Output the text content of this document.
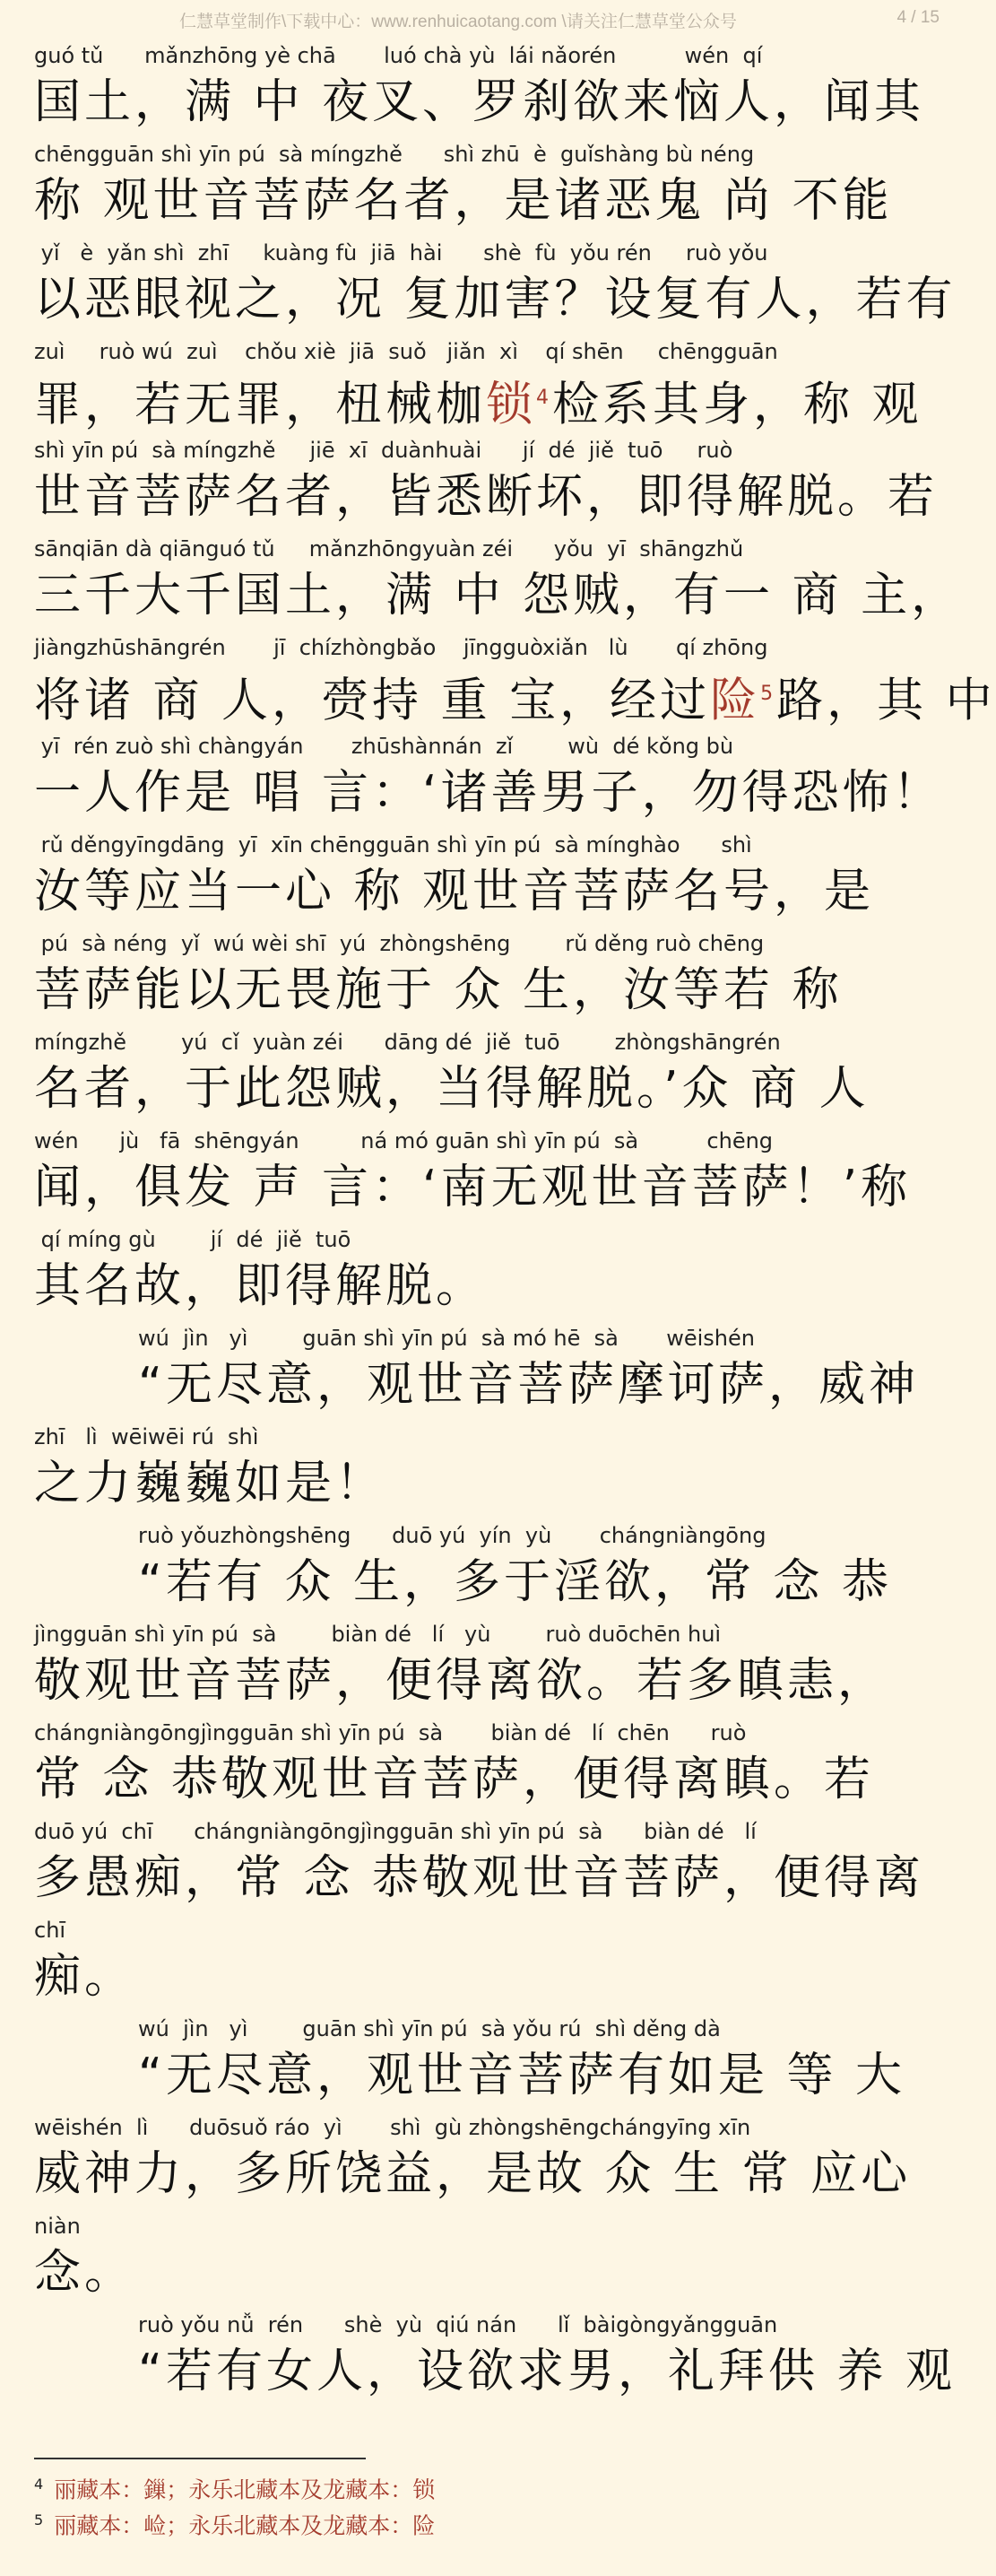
仁慧草堂制作\下载中心：www.renhuicaotang.com \请关注仁慧草堂公众号	4 / 15
guó tǔ      mǎnzhōng yè chā       luó chà yù  lái nǎorén          wén  qí
国土，满 中 夜叉、罗刹欲来恼人，闻其
chēngguān shì yīn pú  sà míngzhě      shì zhū  è  guǐshàng bù néng
称 观世音菩萨名者，是诸恶鬼 尚 不能
yǐ   è  yǎn shì  zhī     kuàng fù  jiā  hài      shè  fù  yǒu rén     ruò yǒu
以恶眼视之，况 复加害？设复有人，若有
zuì     ruò wú  zuì    chǒu xiè  jiā  suǒ   jiǎn  xì    qí shēn     chēngguān
罪，若无罪，杻械枷锁$^4$检系其身，称 观
shì yīn pú  sà míngzhě     jiē  xī  duànhuài      jí  dé  jiě  tuō     ruò
世音菩萨名者，皆悉断坏，即得解脱。若
sānqiān dà qiānguó tǔ     mǎnzhōngyuàn zéi      yǒu  yī  shāngzhǔ
三千大千国土，满 中 怨贼，有一 商 主，
jiàngzhūshāngrén       jī  chízhòngbǎo    jīngguòxiǎn   lù       qí zhōng
将诸 商 人，赍持 重 宝，经过险$^5$路，其 中
yī  rén zuò shì chàngyán       zhūshànnán  zǐ        wù  dé kǒng bù
一人作是 唱 言：‘诸善男子，勿得恐怖！
rǔ děngyīngdāng  yī  xīn chēngguān shì yīn pú  sà mínghào      shì
汝等应当一心 称 观世音菩萨名号，是
pú  sà néng  yǐ  wú wèi shī  yú  zhòngshēng        rǔ děng ruò chēng
菩萨能以无畏施于 众 生，汝等若 称
míngzhě        yú  cǐ  yuàn zéi      dāng dé  jiě  tuō        zhòngshāngrén
名者，于此怨贼，当得解脱。’众 商 人
wén      jù   fā  shēngyán         ná mó guān shì yīn pú  sà          chēng
闻，俱发 声 言：‘南无观世音菩萨！’称
qí míng gù        jí  dé  jiě  tuō
其名故，即得解脱。
wú  jìn   yì        guān shì yīn pú  sà mó hē  sà       wēishén
“无尽意，观世音菩萨摩诃萨，威神
zhī   lì  wēiwēi rú  shì
之力巍巍如是！
ruò yǒuzhòngshēng      duō yú  yín  yù       chángniàngōng
“若有 众 生，多于淫欲，常 念 恭
jìngguān shì yīn pú  sà        biàn dé   lí   yù        ruò duōchēn huì
敬观世音菩萨，便得离欲。若多瞋恚，
chángniàngōngjìngguān shì yīn pú  sà       biàn dé   lí  chēn      ruò
常 念 恭敬观世音菩萨，便得离瞋。若
duō yú  chī      chángniàngōngjìngguān shì yīn pú  sà      biàn dé   lí
多愚痴，常 念 恭敬观世音菩萨，便得离
chī
痴。
wú  jìn   yì        guān shì yīn pú  sà yǒu rú  shì děng dà
“无尽意，观世音菩萨有如是 等 大
wēishén  lì      duōsuǒ ráo  yì       shì  gù zhòngshēngchángyīng xīn
威神力，多所饶益，是故 众 生 常 应心
niàn
念。
ruò yǒu nǚ  rén      shè  yù  qiú nán      lǐ  bàigòngyǎngguān
“若有女人，设欲求男，礼拜供 养 观
$^4$ 丽藏本：鏁；永乐北藏本及龙藏本：锁
$^5$ 丽藏本：崄；永乐北藏本及龙藏本：险
